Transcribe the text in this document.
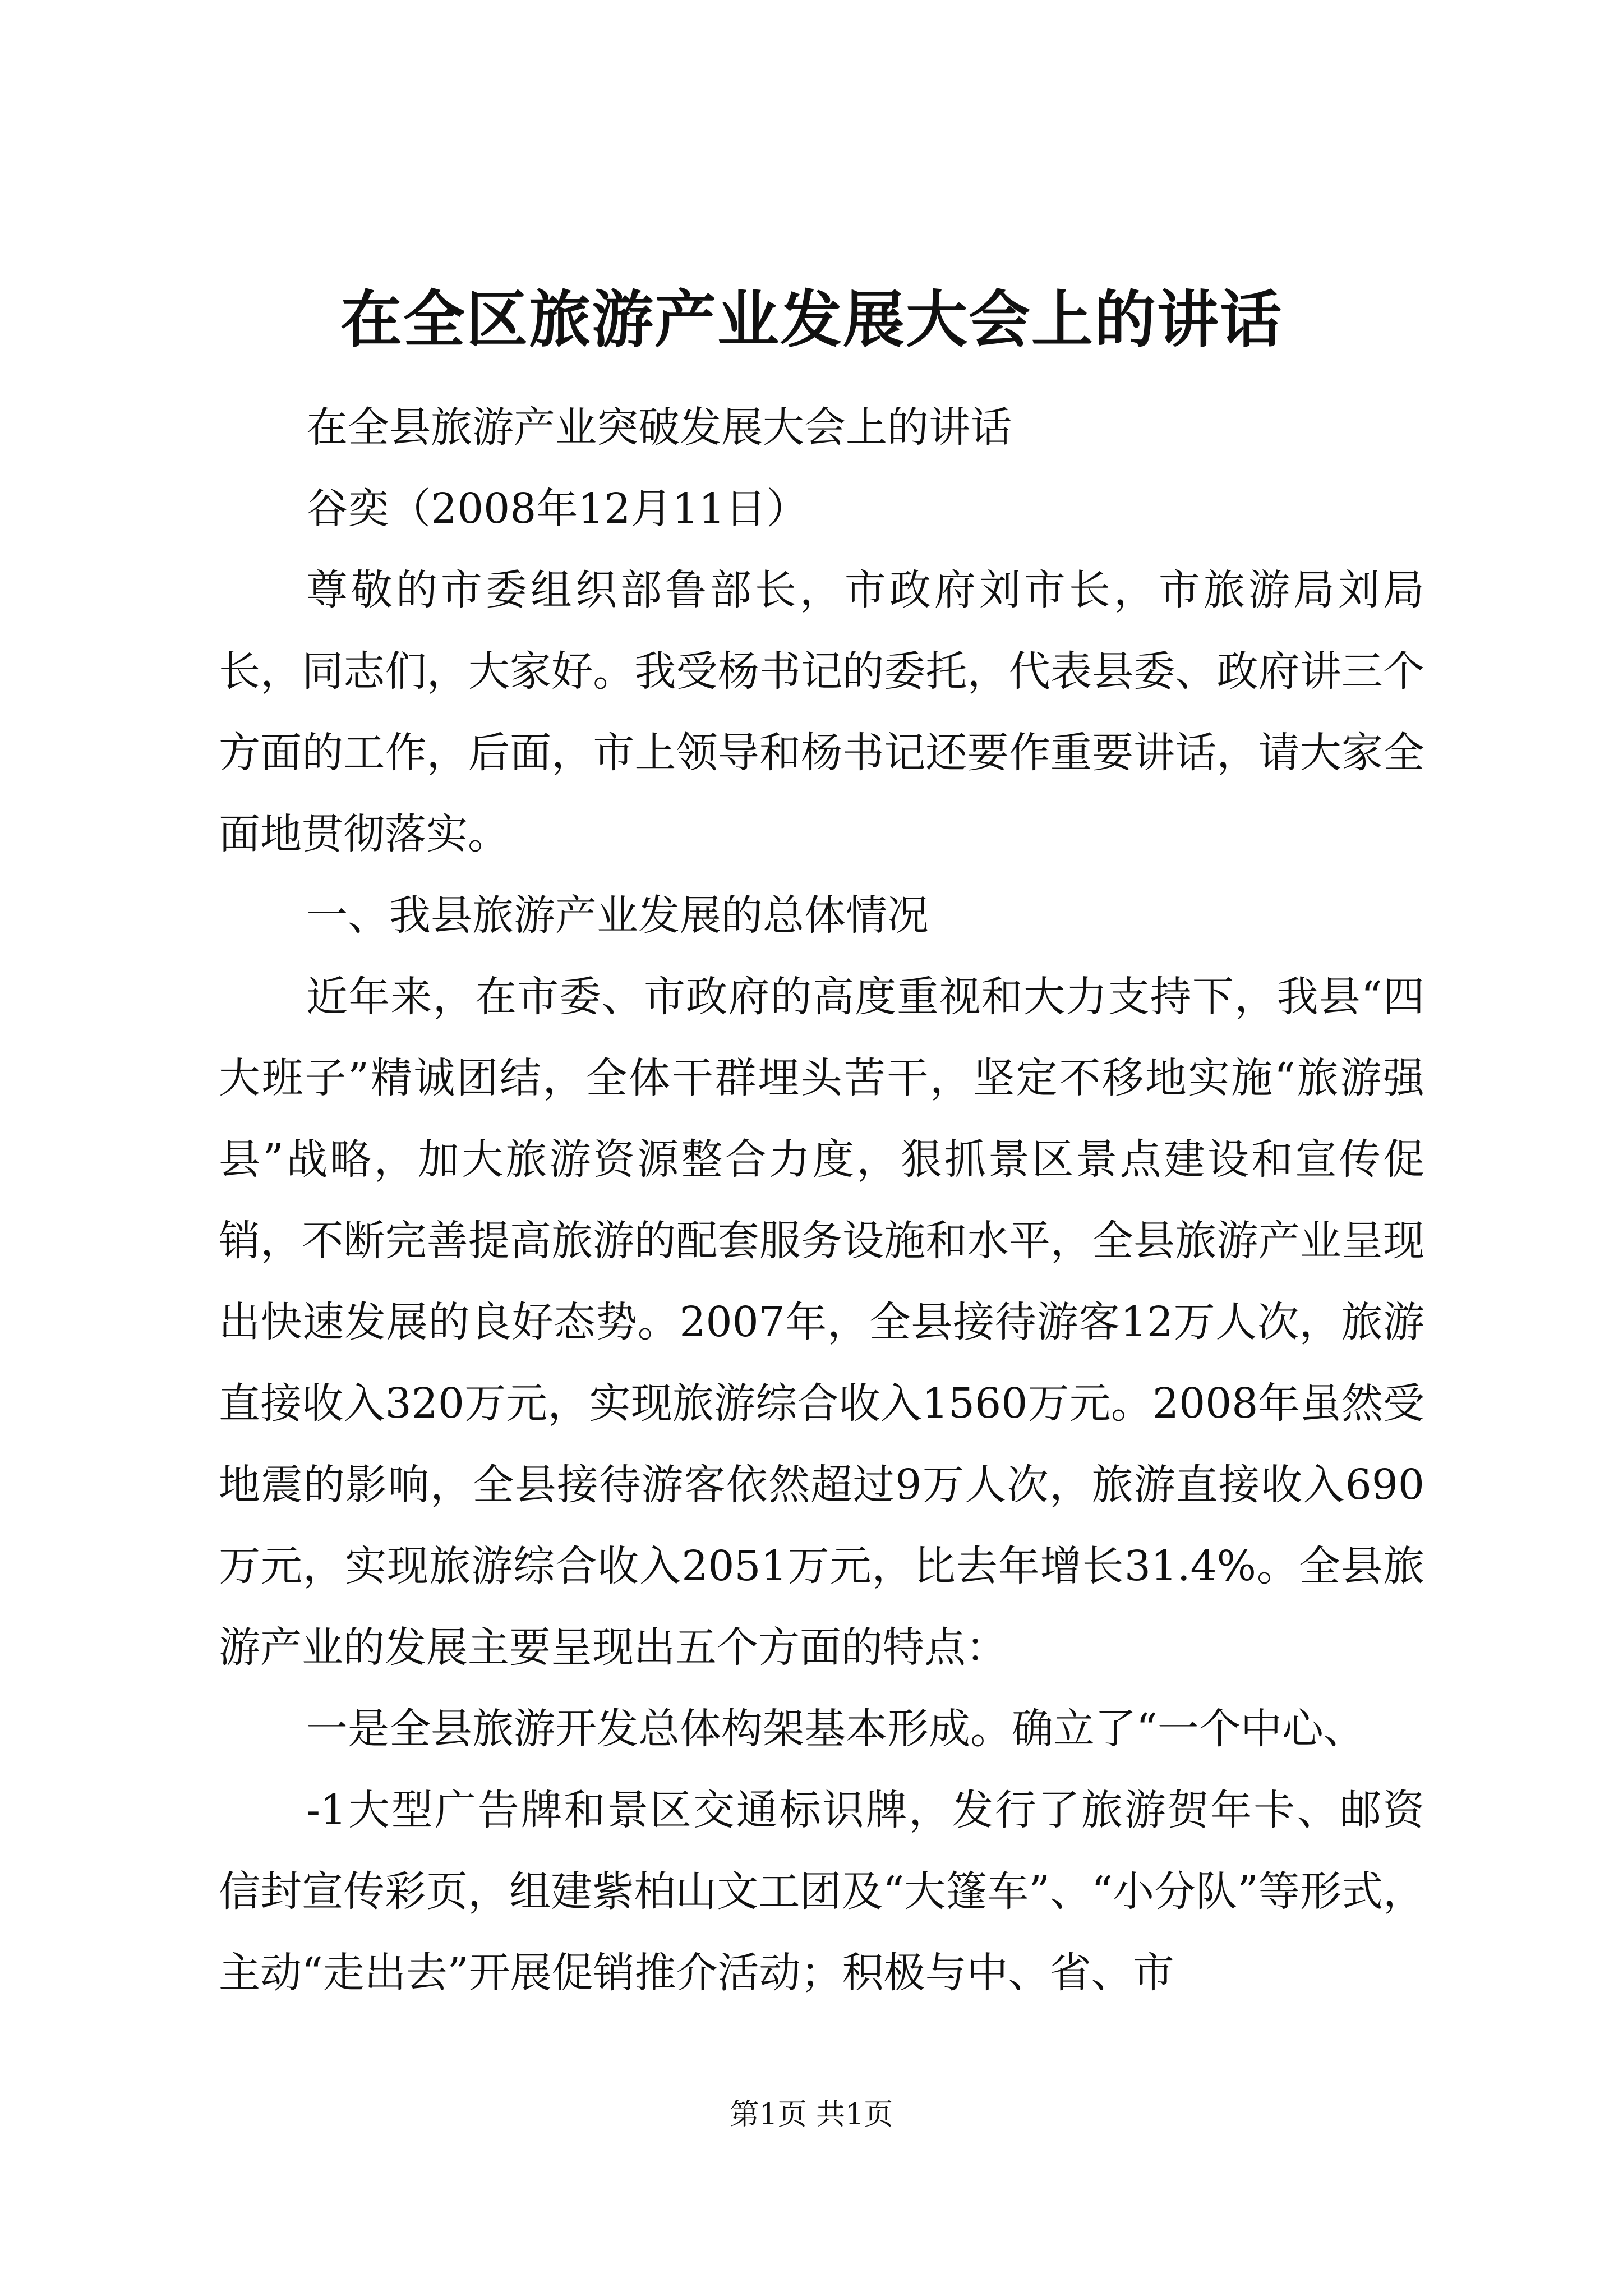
在全区旅游产业发展大会上的讲话

在全县旅游产业突破发展大会上的讲话

谷奕（2008年12月11日）

尊敬的市委组织部鲁部长，市政府刘市长，市旅游局刘局长，同志们，大家好。我受杨书记的委托，代表县委、政府讲三个方面的工作，后面，市上领导和杨书记还要作重要讲话，请大家全面地贯彻落实。

一、我县旅游产业发展的总体情况

近年来，在市委、市政府的高度重视和大力支持下，我县“四大班子”精诚团结，全体干群埋头苦干，坚定不移地实施“旅游强县”战略，加大旅游资源整合力度，狠抓景区景点建设和宣传促销，不断完善提高旅游的配套服务设施和水平，全县旅游产业呈现出快速发展的良好态势。2007年，全县接待游客12万人次，旅游直接收入320万元，实现旅游综合收入1560万元。2008年虽然受地震的影响，全县接待游客依然超过9万人次，旅游直接收入690万元，实现旅游综合收入2051万元，比去年增长31.4%。全县旅游产业的发展主要呈现出五个方面的特点：

一是全县旅游开发总体构架基本形成。确立了“一个中心、

-1大型广告牌和景区交通标识牌，发行了旅游贺年卡、邮资信封宣传彩页，组建紫柏山文工团及“大篷车”、“小分队”等形式，主动“走出去”开展促销推介活动；积极与中、省、市

第1页 共1页
